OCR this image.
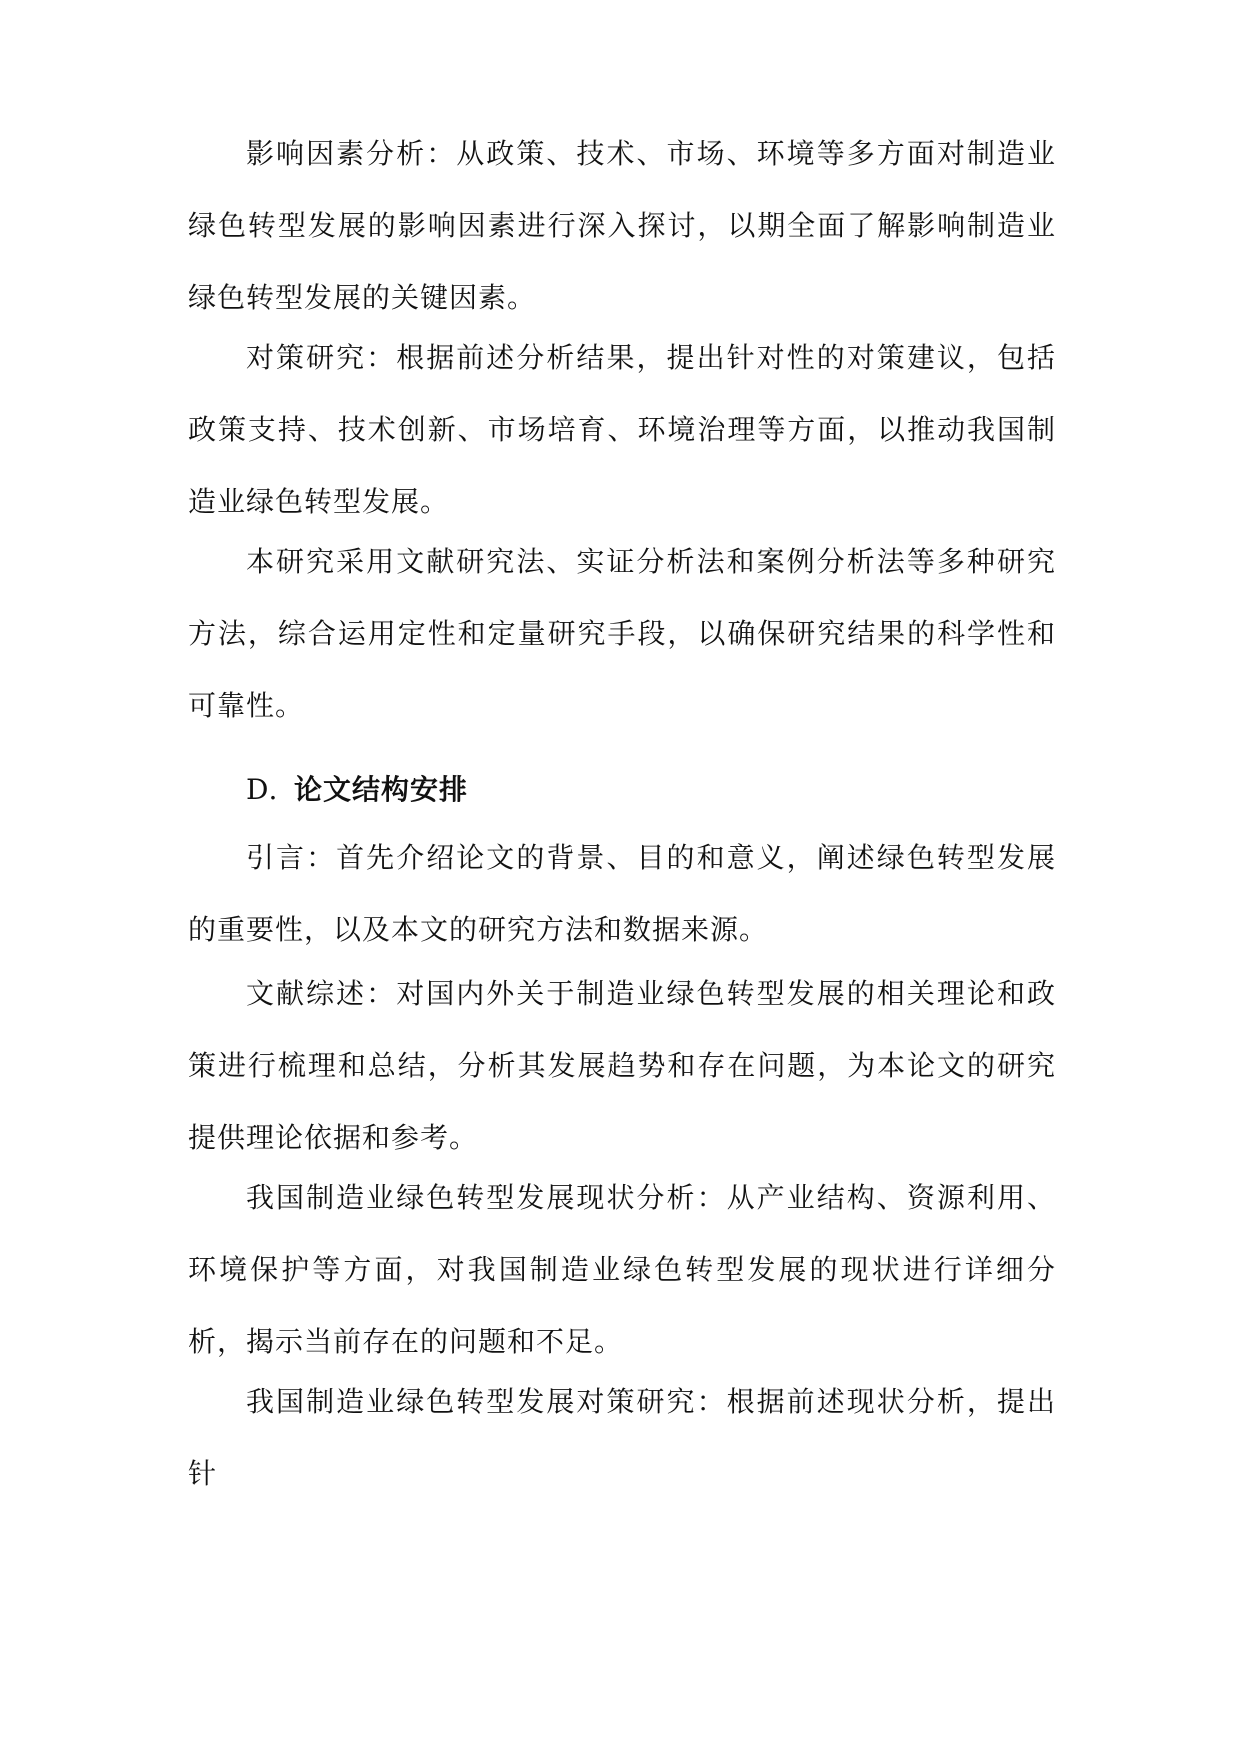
影响因素分析：从政策、技术、市场、环境等多方面对制造业绿色转型发展的影响因素进行深入探讨，以期全面了解影响制造业绿色转型发展的关键因素。

对策研究：根据前述分析结果，提出针对性的对策建议，包括政策支持、技术创新、市场培育、环境治理等方面，以推动我国制造业绿色转型发展。

本研究采用文献研究法、实证分析法和案例分析法等多种研究方法，综合运用定性和定量研究手段，以确保研究结果的科学性和可靠性。

D. 论文结构安排

引言：首先介绍论文的背景、目的和意义，阐述绿色转型发展的重要性，以及本文的研究方法和数据来源。

文献综述：对国内外关于制造业绿色转型发展的相关理论和政策进行梳理和总结，分析其发展趋势和存在问题，为本论文的研究提供理论依据和参考。

我国制造业绿色转型发展现状分析：从产业结构、资源利用、环境保护等方面，对我国制造业绿色转型发展的现状进行详细分析，揭示当前存在的问题和不足。

我国制造业绿色转型发展对策研究：根据前述现状分析，提出针
